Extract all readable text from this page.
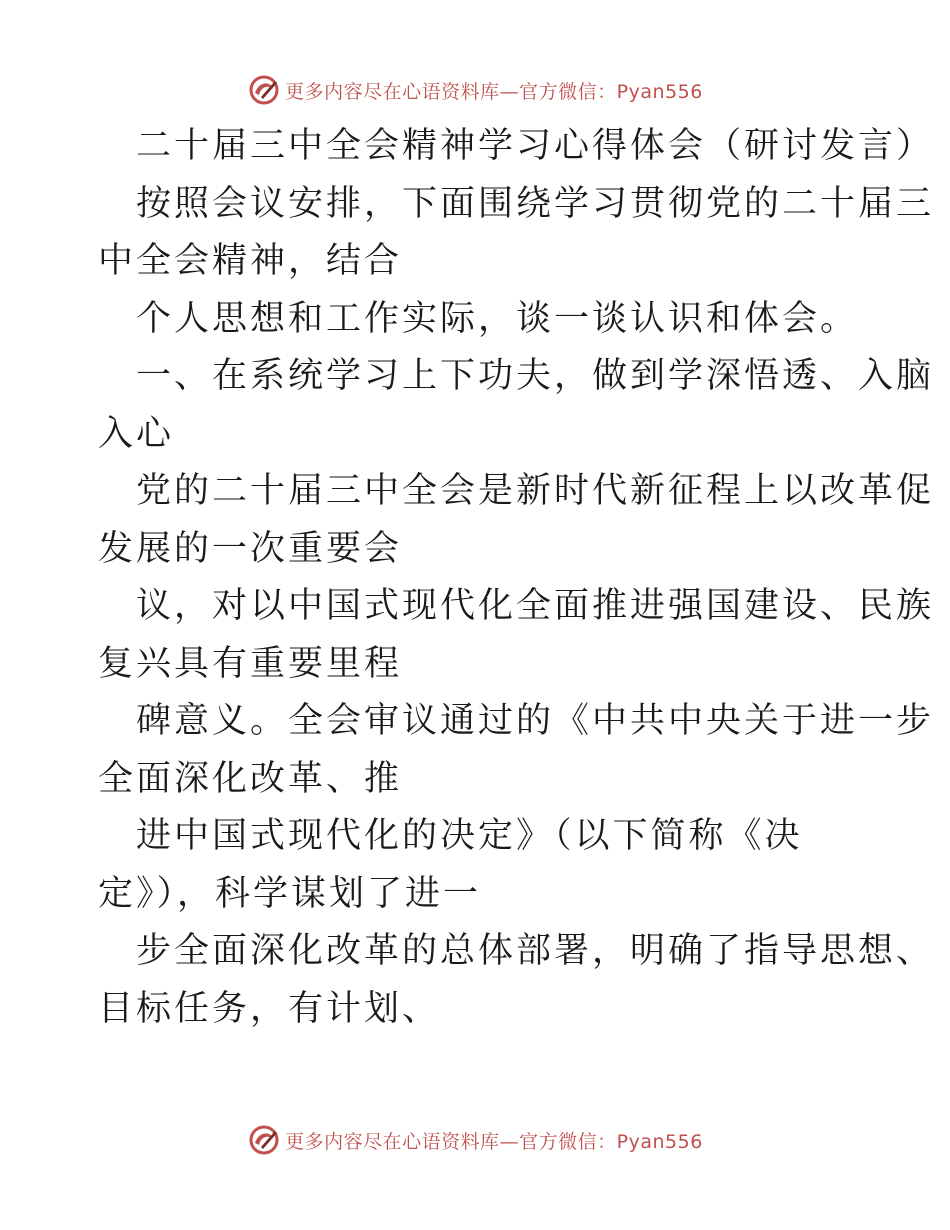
更多内容尽在心语资料库—官方微信：Pyan556
二十届三中全会精神学习心得体会（研讨发言）
按照会议安排，下面围绕学习贯彻党的二十届三
中全会精神，结合
个人思想和工作实际，谈一谈认识和体会。
一、在系统学习上下功夫，做到学深悟透、入脑
入心
党的二十届三中全会是新时代新征程上以改革促
发展的一次重要会
议，对以中国式现代化全面推进强国建设、民族
复兴具有重要里程
碑意义。全会审议通过的《中共中央关于进一步
全面深化改革、推
进中国式现代化的决定》（以下简称《决
定》），科学谋划了进一
步全面深化改革的总体部署，明确了指导思想、
目标任务，有计划、
更多内容尽在心语资料库—官方微信：Pyan556
